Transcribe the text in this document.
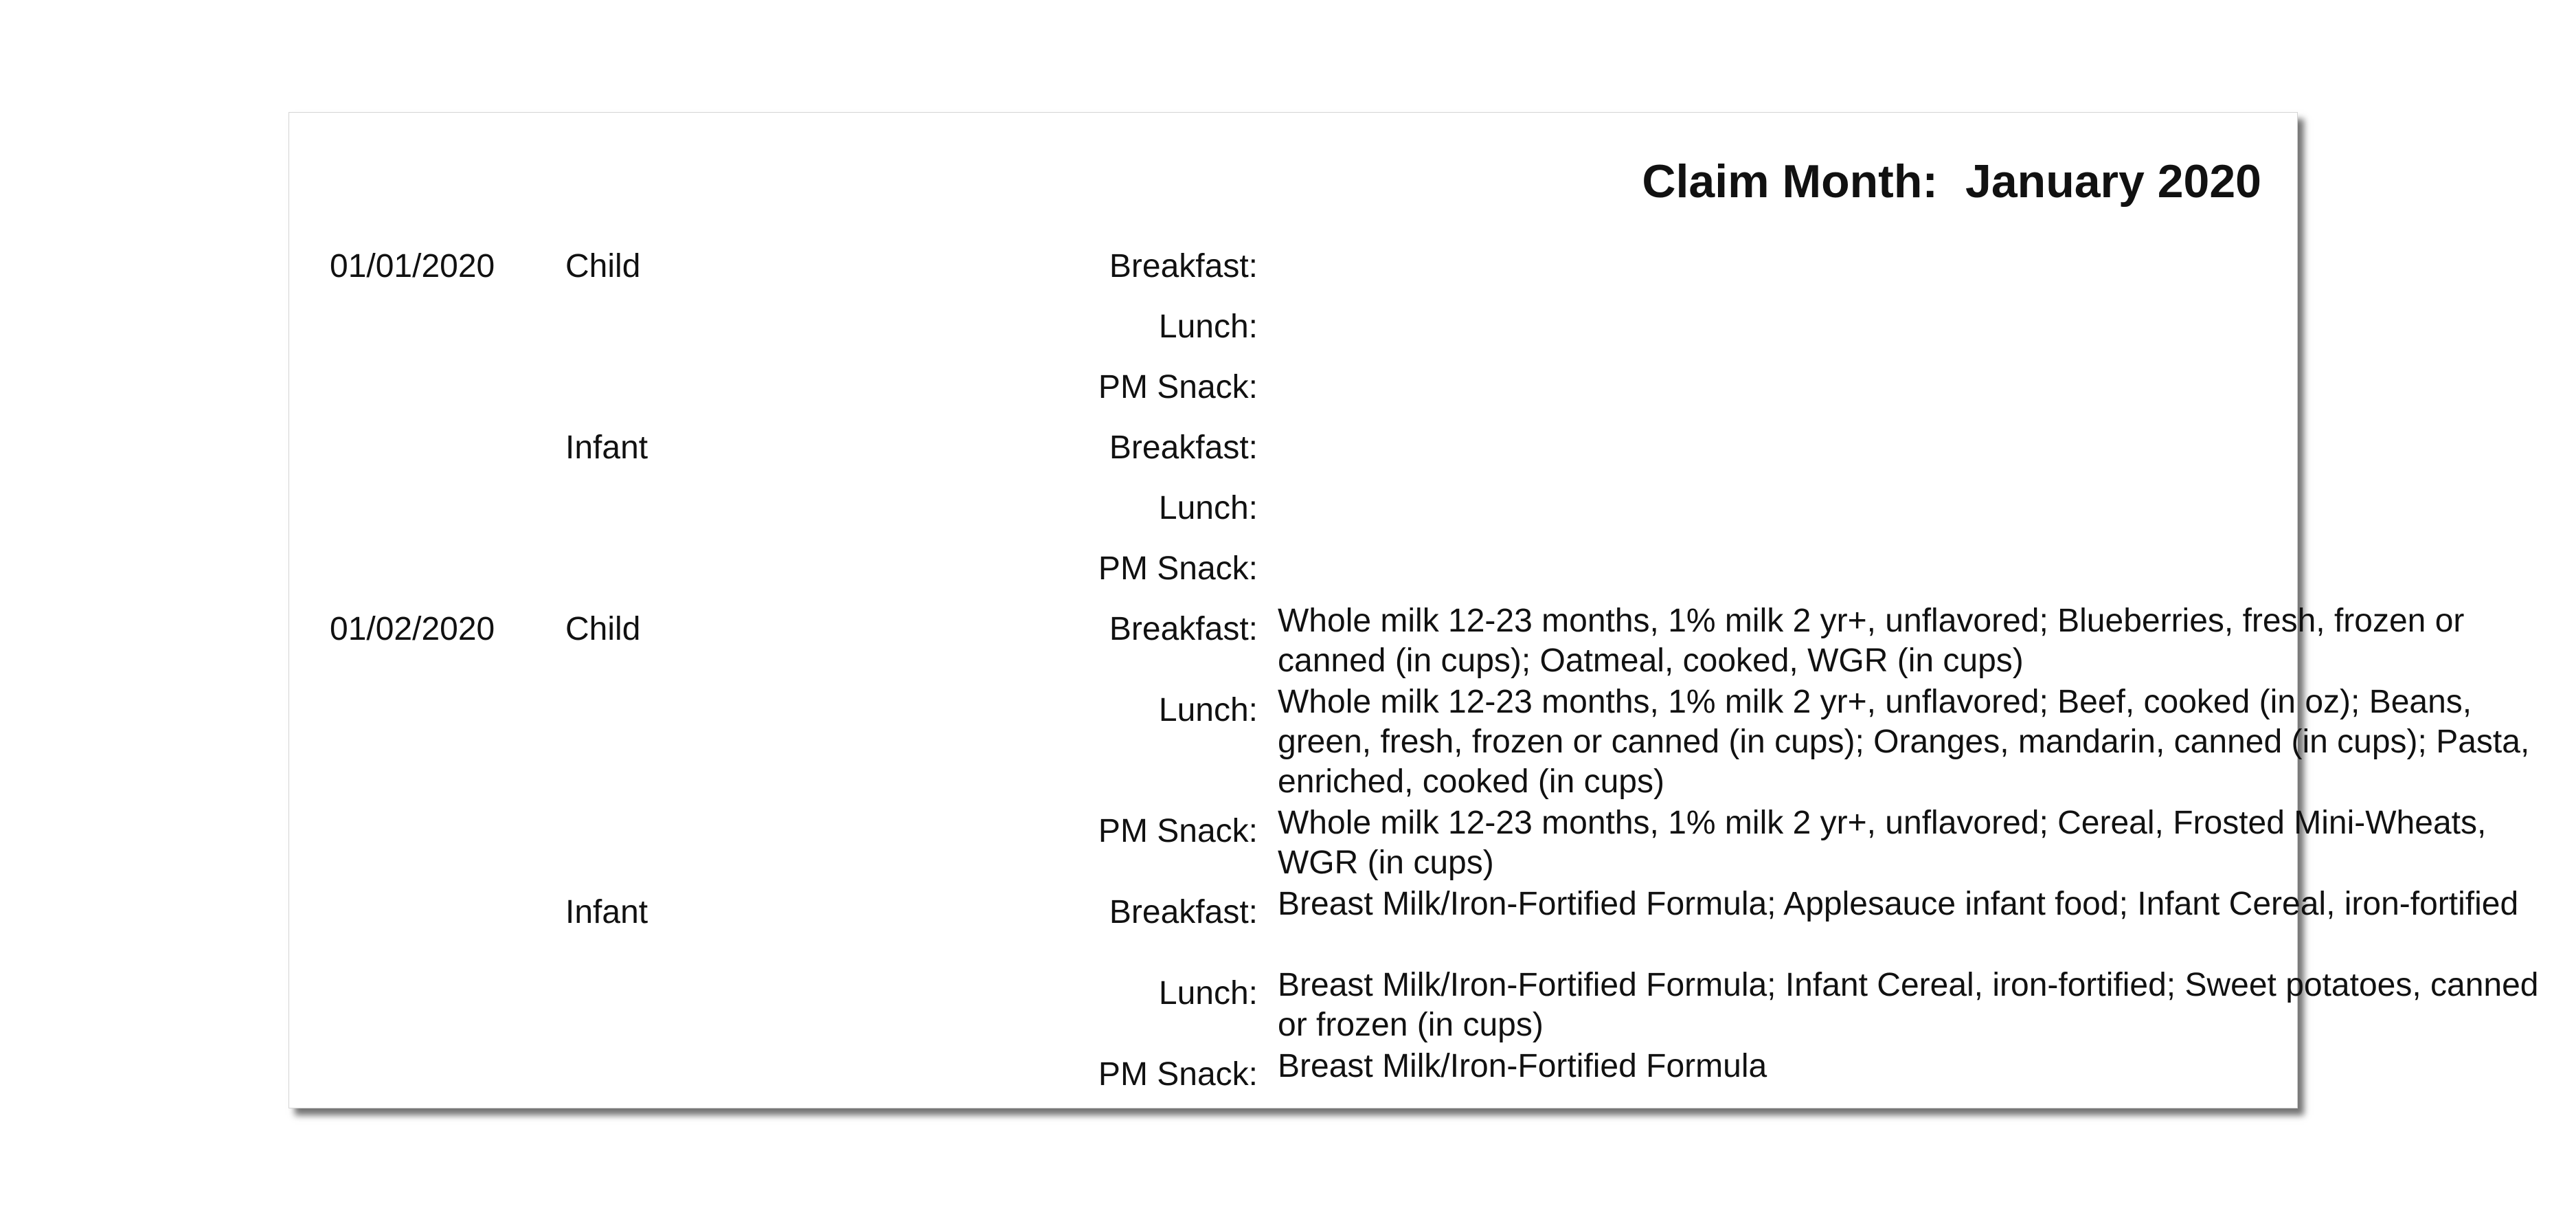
Claim Month: January 2020
01/01/2020 Child	Breakfast:
Lunch:
PM Snack:
Infant	Breakfast:
Lunch:
PM Snack:
01/02/2020 Child	Breakfast: Whole milk 12-23 months, 1% milk 2 yr+, unflavored; Blueberries, fresh, frozen or canned (in cups); Oatmeal, cooked, WGR (in cups)
Lunch: Whole milk 12-23 months, 1% milk 2 yr+, unflavored; Beef, cooked (in oz); Beans, green, fresh, frozen or canned (in cups); Oranges, mandarin, canned (in cups); Pasta, enriched, cooked (in cups)
PM Snack: Whole milk 12-23 months, 1% milk 2 yr+, unflavored; Cereal, Frosted Mini-Wheats, WGR (in cups)
Infant	Breakfast: Breast Milk/Iron-Fortified Formula; Applesauce infant food; Infant Cereal, iron-fortified
Lunch: Breast Milk/Iron-Fortified Formula; Infant Cereal, iron-fortified; Sweet potatoes, canned or frozen (in cups)
PM Snack: Breast Milk/Iron-Fortified Formula
